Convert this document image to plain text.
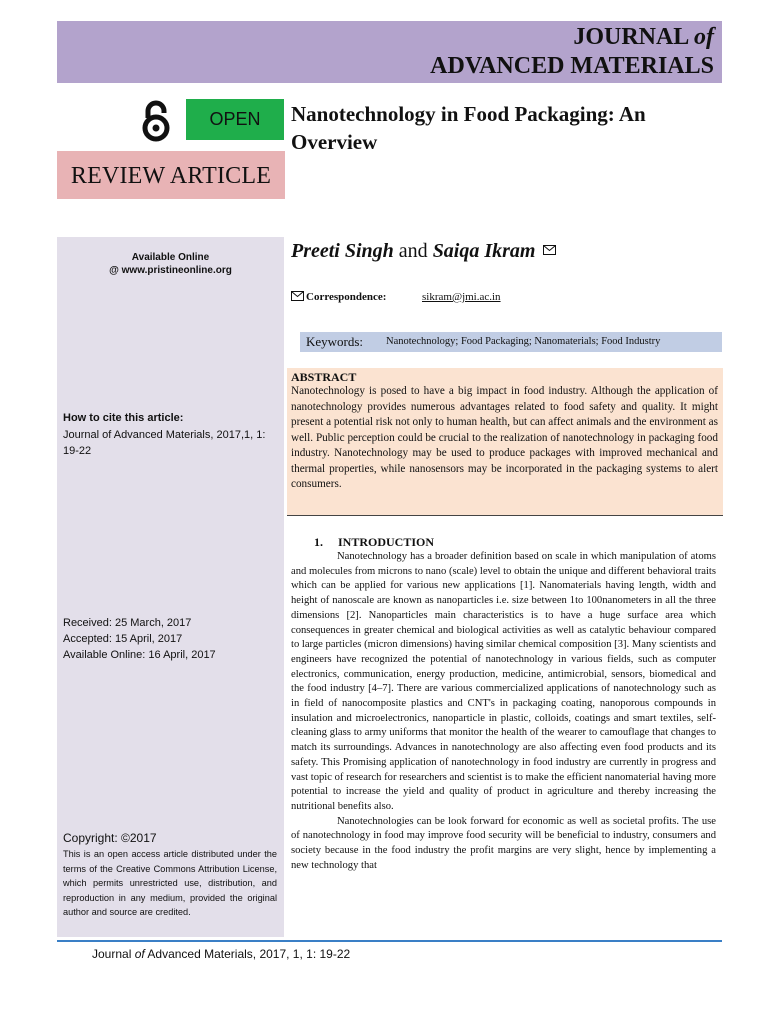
JOURNAL of
ADVANCED MATERIALS
OPEN
REVIEW ARTICLE
Nanotechnology in Food Packaging: An Overview
Available Online
@ www.pristineonline.org
How to cite this article:
Journal of Advanced Materials, 2017,1, 1: 19-22
Received: 25 March, 2017
Accepted: 15 April, 2017
Available Online: 16 April, 2017
Copyright: ©2017
This is an open access article distributed under the terms of the Creative Commons Attribution License, which permits unrestricted use, distribution, and reproduction in any medium, provided the original author and source are credited.
Preeti Singh and Saiqa Ikram
Correspondence:	sikram@jmi.ac.in
Keywords: Nanotechnology; Food Packaging; Nanomaterials; Food Industry
ABSTRACT
Nanotechnology is posed to have a big impact in food industry. Although the application of nanotechnology provides numerous advantages related to food safety and quality. It might present a potential risk not only to human health, but can affect animals and the environment as well. Public perception could be crucial to the realization of nanotechnology in packaging food industry. Nanotechnology may be used to produce packages with improved mechanical and thermal properties, while nanosensors may be incorporated in the packaging systems to alert consumers.
1. INTRODUCTION

Nanotechnology has a broader definition based on scale in which manipulation of atoms and molecules from microns to nano (scale) level to obtain the unique and different behavioral traits which can be applied for various new applications [1]. Nanomaterials having length, width and height of nanoscale are known as nanoparticles i.e. size between 1to 100nanometers in all the three dimensions [2]. Nanoparticles main characteristics is to have a huge surface area which consequences in greater chemical and biological activities as well as catalytic behaviour compared to large particles (micron dimensions) having similar chemical composition [3]. Many scientists and engineers have recognized the potential of nanotechnology in various fields, such as computer electronics, communication, energy production, medicine, antimicrobial, sensors, biomedical and the food industry [4–7]. There are various commercialized applications of nanotechnology such as in field of nanocomposite plastics and CNT's in packaging coating, nanoporous compounds in insulation and microelectronics, nanoparticle in plastic, colloids, coatings and smart textiles, self-cleaning glass to army uniforms that monitor the health of the wearer to camouflage that changes to match its surroundings. Advances in nanotechnology are also affecting even food products and its safety. This Promising application of nanotechnology in food industry are currently in progress and vast topic of research for researchers and scientist is to make the efficient nanomaterial having more potential to increase the yield and quality of product in agriculture and thereby increasing the nutritional benefits also.

Nanotechnologies can be look forward for economic as well as societal profits. The use of nanotechnology in food may improve food security will be beneficial to industry, consumers and society because in the food industry the profit margins are very slight, hence by implementing a new technology that

Journal of Advanced Materials, 2017, 1, 1: 19-22
